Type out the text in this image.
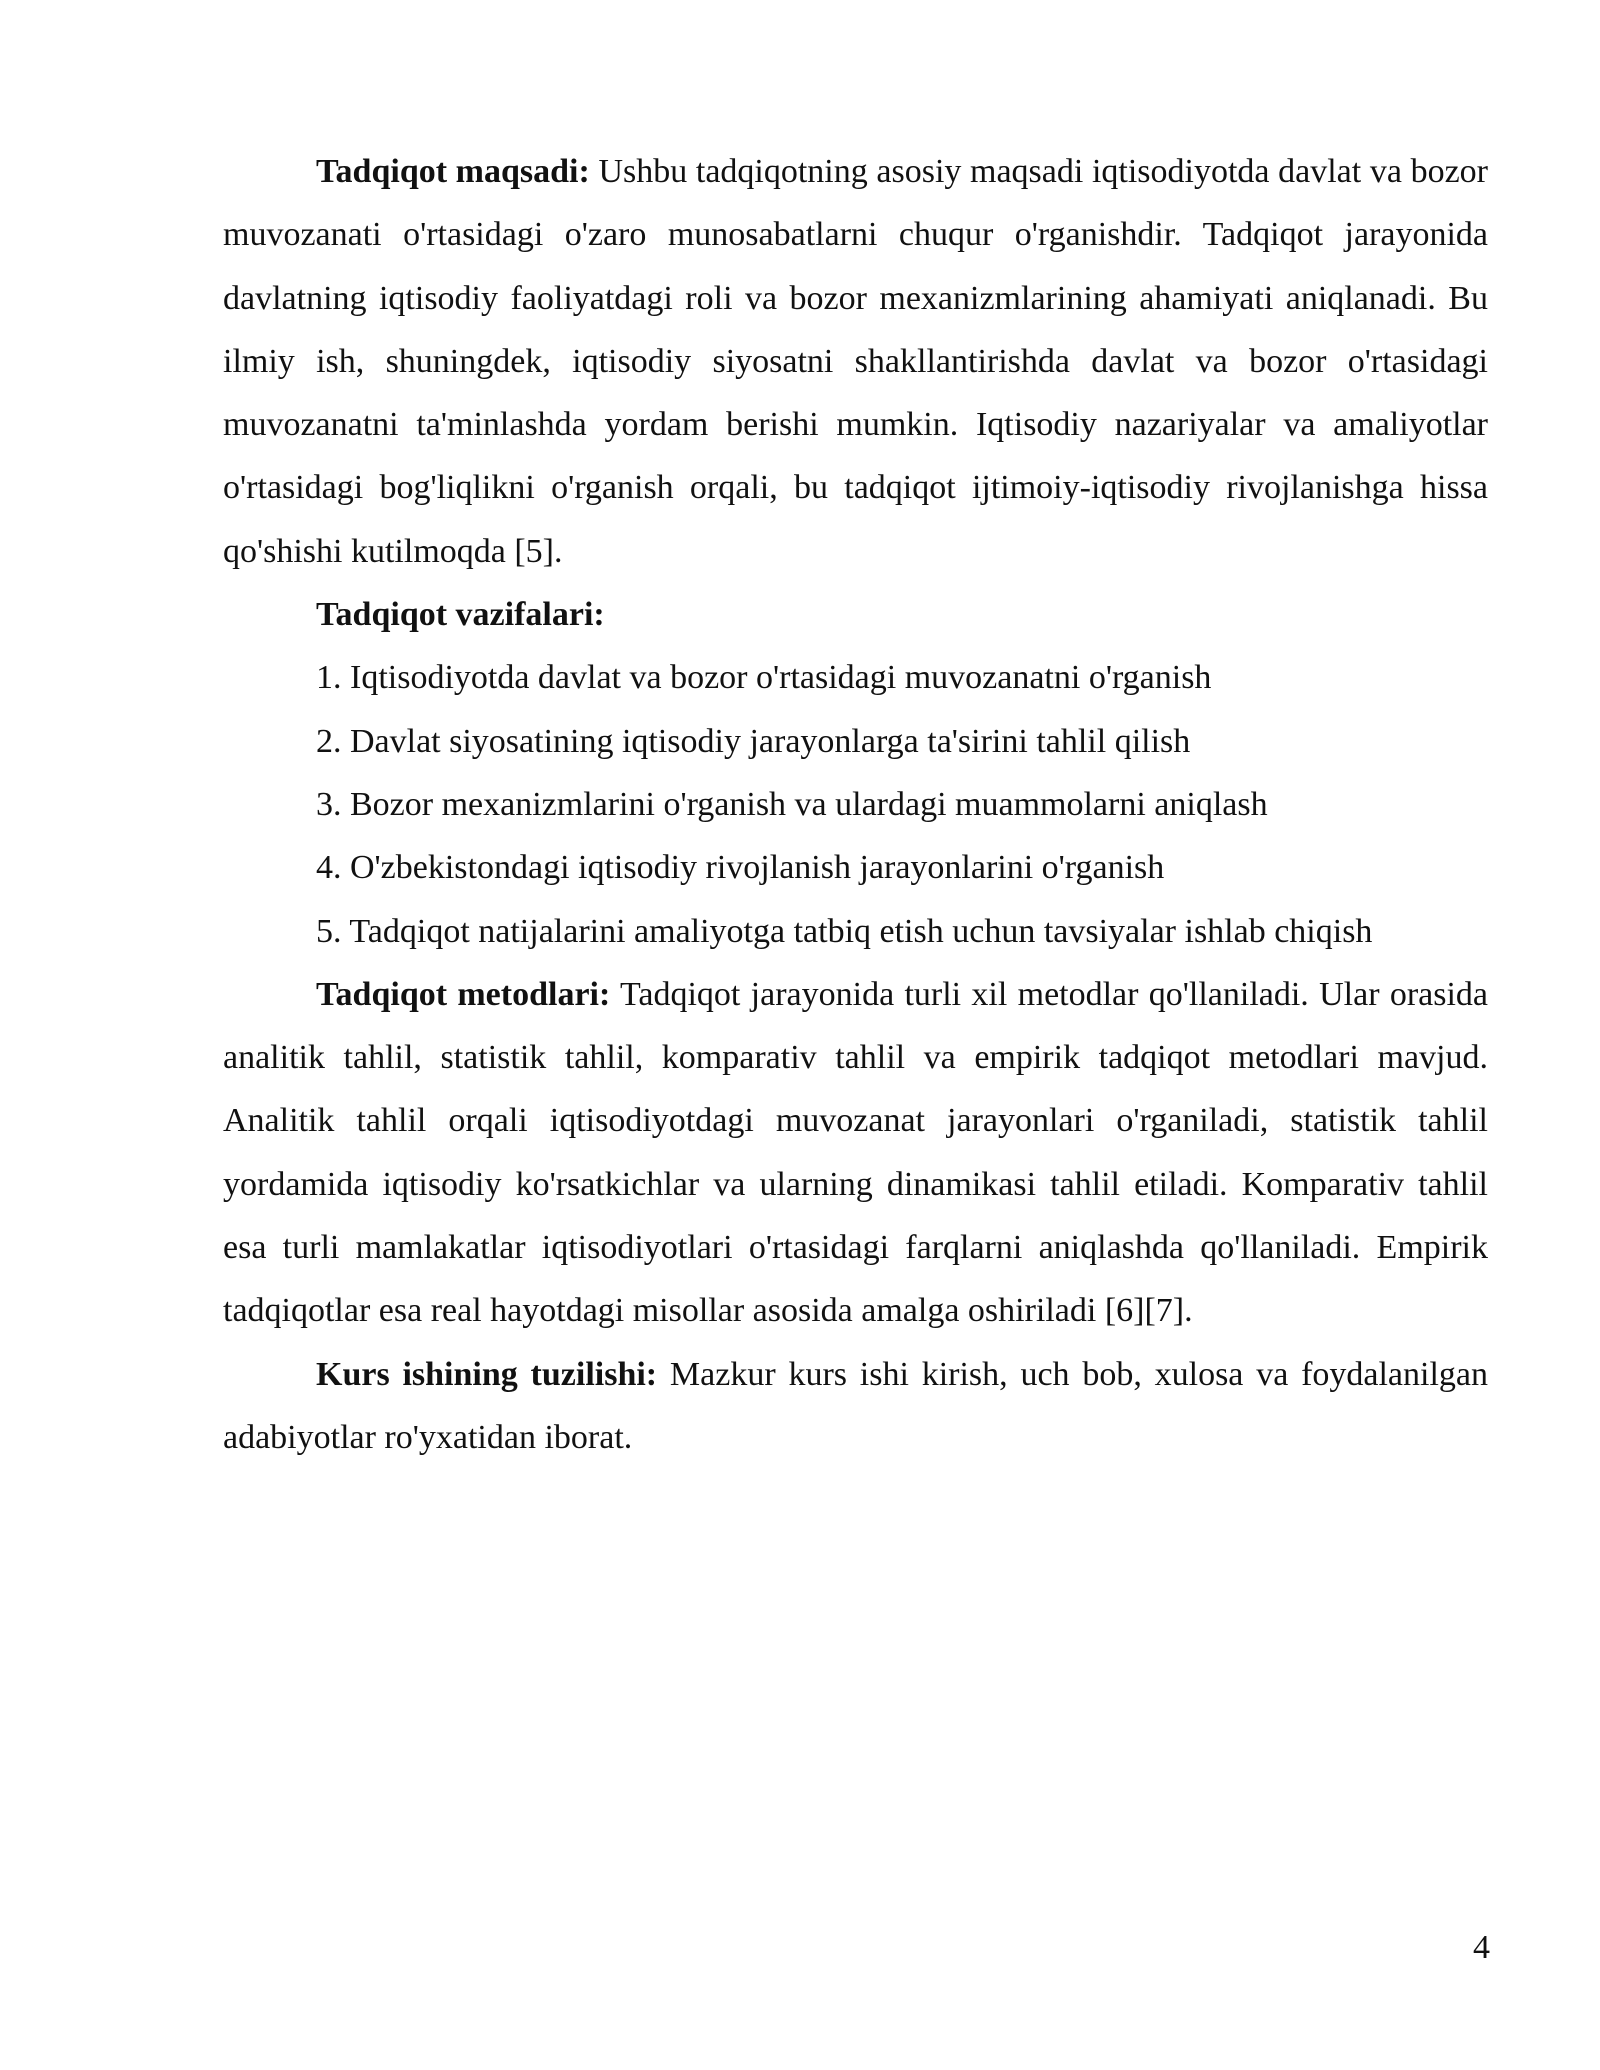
Tadqiqot maqsadi: Ushbu tadqiqotning asosiy maqsadi iqtisodiyotda davlat va bozor muvozanati o'rtasidagi o'zaro munosabatlarni chuqur o'rganishdir. Tadqiqot jarayonida davlatning iqtisodiy faoliyatdagi roli va bozor mexanizmlarining ahamiyati aniqlanadi. Bu ilmiy ish, shuningdek, iqtisodiy siyosatni shakllantirishda davlat va bozor o'rtasidagi muvozanatni ta'minlashda yordam berishi mumkin. Iqtisodiy nazariyalar va amaliyotlar o'rtasidagi bog'liqlikni o'rganish orqali, bu tadqiqot ijtimoiy-iqtisodiy rivojlanishga hissa qo'shishi kutilmoqda [5].

Tadqiqot vazifalari:

1. Iqtisodiyotda davlat va bozor o'rtasidagi muvozanatni o'rganish
2. Davlat siyosatining iqtisodiy jarayonlarga ta'sirini tahlil qilish
3. Bozor mexanizmlarini o'rganish va ulardagi muammolarni aniqlash
4. O'zbekistondagi iqtisodiy rivojlanish jarayonlarini o'rganish
5. Tadqiqot natijalarini amaliyotga tatbiq etish uchun tavsiyalar ishlab chiqish

Tadqiqot metodlari: Tadqiqot jarayonida turli xil metodlar qo'llaniladi. Ular orasida analitik tahlil, statistik tahlil, komparativ tahlil va empirik tadqiqot metodlari mavjud. Analitik tahlil orqali iqtisodiyotdagi muvozanat jarayonlari o'rganiladi, statistik tahlil yordamida iqtisodiy ko'rsatkichlar va ularning dinamikasi tahlil etiladi. Komparativ tahlil esa turli mamlakatlar iqtisodiyotlari o'rtasidagi farqlarni aniqlashda qo'llaniladi. Empirik tadqiqotlar esa real hayotdagi misollar asosida amalga oshiriladi [6][7].

Kurs ishining tuzilishi: Mazkur kurs ishi kirish, uch bob, xulosa va foydalanilgan adabiyotlar ro'yxatidan iborat.

4
